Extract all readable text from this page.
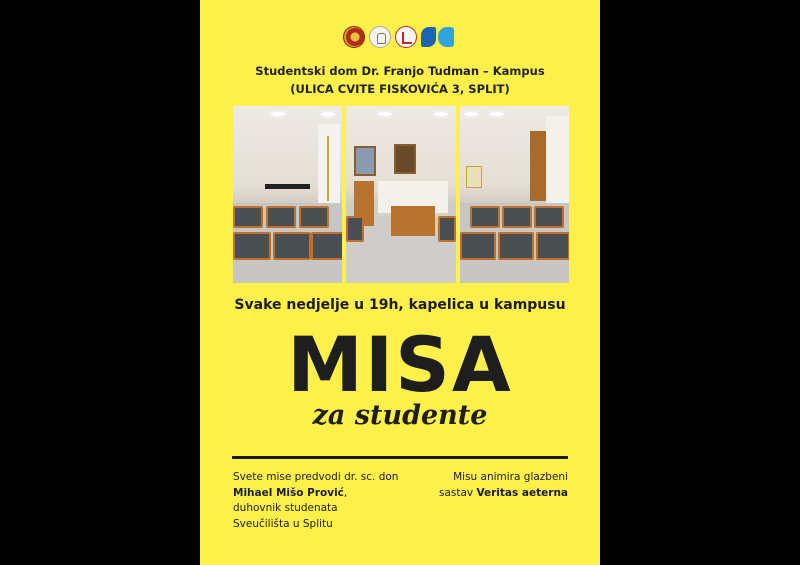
Studentski dom Dr. Franjo Tudman – Kampus
(ULICA CVITE FISKOVIĆA 3, SPLIT)
Svake nedjelje u 19h, kapelica u kampusu
MISA
za studente
Svete mise predvodi dr. sc. don
Mihael Mišo Prović,
duhovnik studenata
Sveučilišta u Splitu
Misu animira glazbeni
sastav Veritas aeterna
